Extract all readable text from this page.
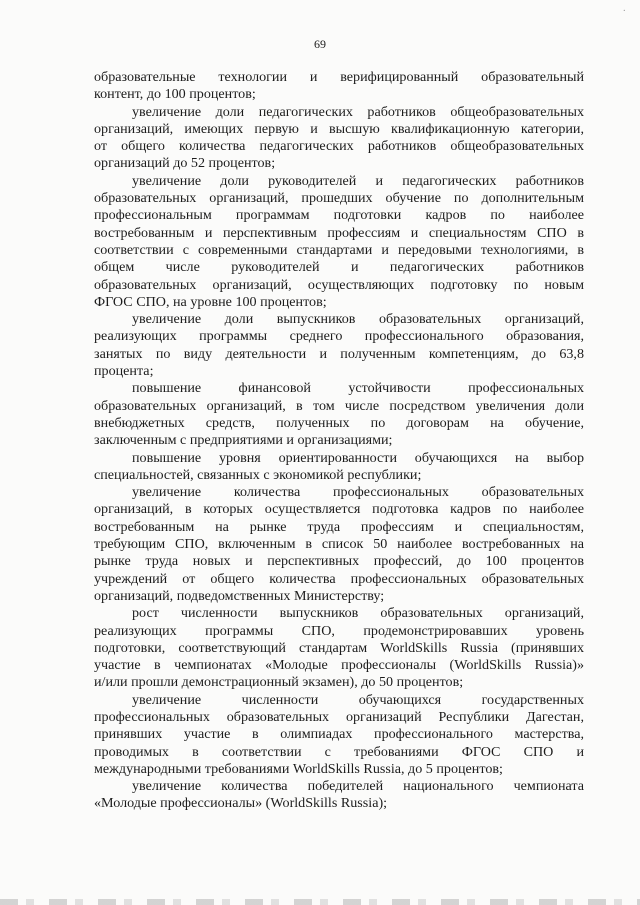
·
69
образовательные технологии и верифицированный образовательный
контент, до 100 процентов;
увеличение доли педагогических работников общеобразовательных
организаций, имеющих первую и высшую квалификационную категории,
от общего количества педагогических работников общеобразовательных
организаций до 52 процентов;
увеличение доли руководителей и педагогических работников
образовательных организаций, прошедших обучение по дополнительным
профессиональным программам подготовки кадров по наиболее
востребованным и перспективным профессиям и специальностям СПО в
соответствии с современными стандартами и передовыми технологиями, в
общем числе руководителей и педагогических работников
образовательных организаций, осуществляющих подготовку по новым
ФГОС СПО, на уровне 100 процентов;
увеличение доли выпускников образовательных организаций,
реализующих программы среднего профессионального образования,
занятых по виду деятельности и полученным компетенциям, до 63,8
процента;
повышение финансовой устойчивости профессиональных
образовательных организаций, в том числе посредством увеличения доли
внебюджетных средств, полученных по договорам на обучение,
заключенным с предприятиями и организациями;
повышение уровня ориентированности обучающихся на выбор
специальностей, связанных с экономикой республики;
увеличение количества профессиональных образовательных
организаций, в которых осуществляется подготовка кадров по наиболее
востребованным на рынке труда профессиям и специальностям,
требующим СПО, включенным в список 50 наиболее востребованных на
рынке труда новых и перспективных профессий, до 100 процентов
учреждений от общего количества профессиональных образовательных
организаций, подведомственных Министерству;
рост численности выпускников образовательных организаций,
реализующих программы СПО, продемонстрировавших уровень
подготовки, соответствующий стандартам WorldSkills Russia (принявших
участие в чемпионатах «Молодые профессионалы (WorldSkills Russia)»
и/или прошли демонстрационный экзамен), до 50 процентов;
увеличение численности обучающихся государственных
профессиональных образовательных организаций Республики Дагестан,
принявших участие в олимпиадах профессионального мастерства,
проводимых в соответствии с требованиями ФГОС СПО и
международными требованиями WorldSkills Russia, до 5 процентов;
увеличение количества победителей национального чемпионата
«Молодые профессионалы» (WorldSkills Russia);
